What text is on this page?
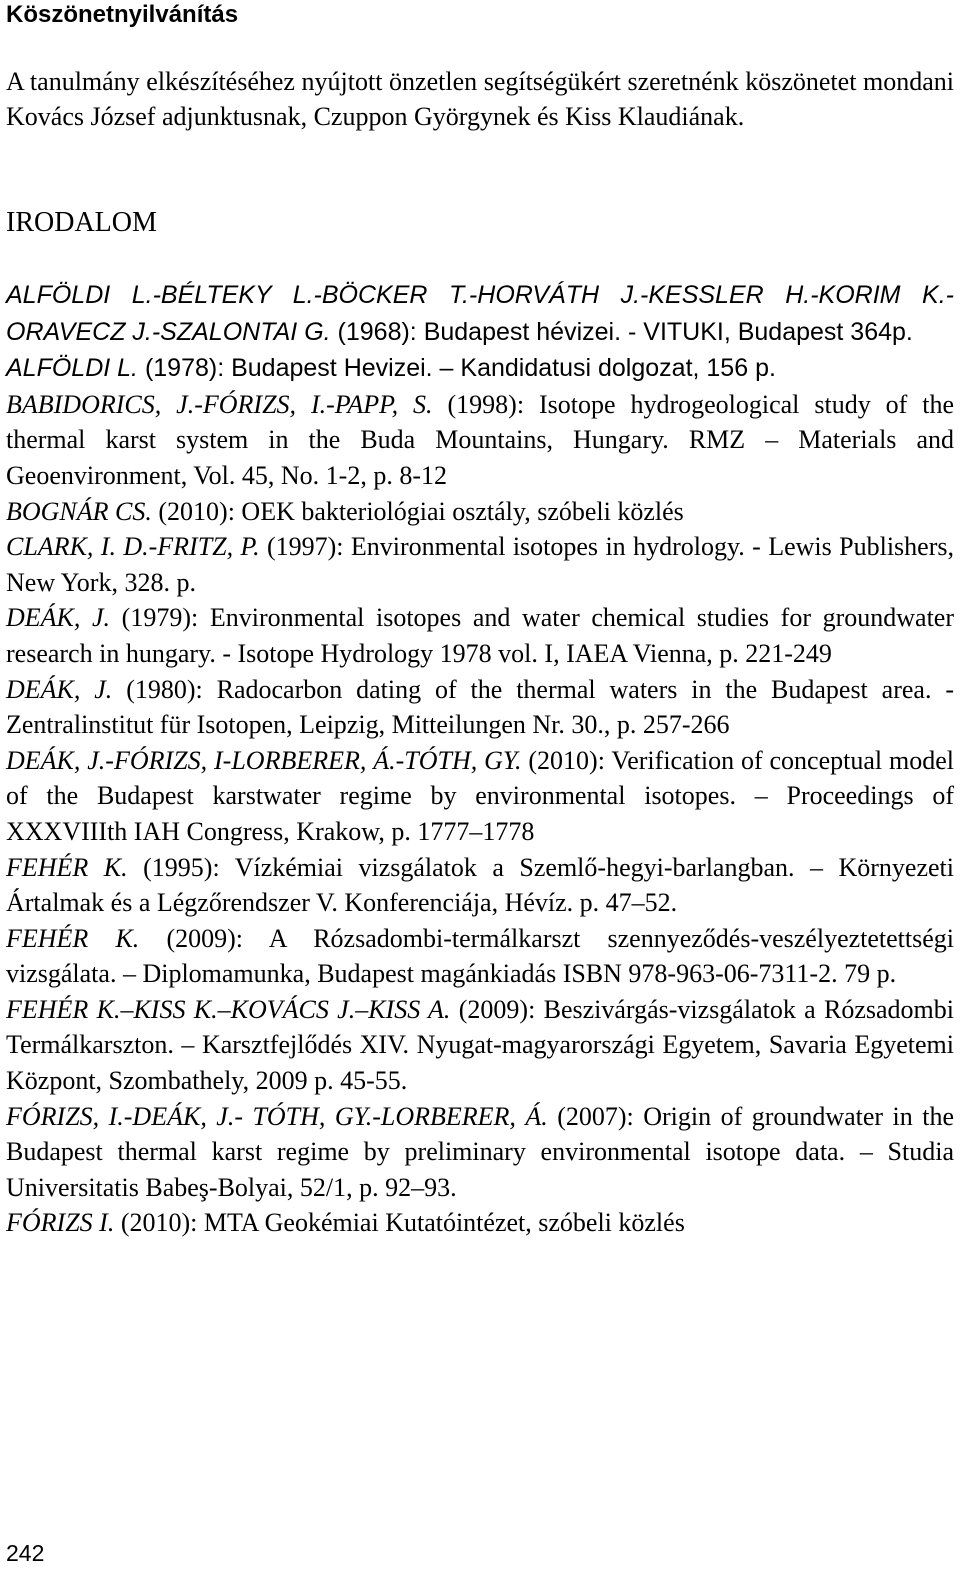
Köszönetnyilvánítás
A tanulmány elkészítéséhez nyújtott önzetlen segítségükért szeretnénk köszönetet mondani Kovács József adjunktusnak, Czuppon Györgynek és Kiss Klaudiának.
IRODALOM

ALFÖLDI L.-BÉLTEKY L.-BÖCKER T.-HORVÁTH J.-KESSLER H.-KORIM K.-ORAVECZ J.-SZALONTAI G. (1968): Budapest hévizei. - VITUKI, Budapest 364p.

ALFÖLDI L. (1978): Budapest Hevizei. – Kandidatusi dolgozat, 156 p.

BABIDORICS, J.-FÓRIZS, I.-PAPP, S. (1998): Isotope hydrogeological study of the thermal karst system in the Buda Mountains, Hungary. RMZ – Materials and Geoenvironment, Vol. 45, No. 1-2, p. 8-12

BOGNÁR CS. (2010): OEK bakteriológiai osztály, szóbeli közlés

CLARK, I. D.-FRITZ, P. (1997): Environmental isotopes in hydrology. - Lewis Publishers, New York, 328. p.

DEÁK, J. (1979): Environmental isotopes and water chemical studies for groundwater research in hungary. - Isotope Hydrology 1978 vol. I, IAEA Vienna, p. 221-249

DEÁK, J. (1980): Radocarbon dating of the thermal waters in the Budapest area. - Zentralinstitut für Isotopen, Leipzig, Mitteilungen Nr. 30., p. 257-266

DEÁK, J.-FÓRIZS, I-LORBERER, Á.-TÓTH, GY. (2010): Verification of conceptual model of the Budapest karstwater regime by environmental isotopes. – Proceedings of XXXVIIIth IAH Congress, Krakow, p. 1777–1778

FEHÉR K. (1995): Vízkémiai vizsgálatok a Szemlő-hegyi-barlangban. – Környezeti Ártalmak és a Légzőrendszer V. Konferenciája, Hévíz. p. 47–52.

FEHÉR K. (2009): A Rózsadombi-termálkarszt szennyeződés-veszélyeztetettségi vizsgálata. – Diplomamunka, Budapest magánkiadás ISBN 978-963-06-7311-2. 79 p.

FEHÉR K.–KISS K.–KOVÁCS J.–KISS A. (2009): Beszivárgás-vizsgálatok a Rózsadombi Termálkarszton. – Karsztfejlődés XIV. Nyugat-magyarországi Egyetem, Savaria Egyetemi Központ, Szombathely, 2009 p. 45-55.

FÓRIZS, I.-DEÁK, J.- TÓTH, GY.-LORBERER, Á. (2007): Origin of groundwater in the Budapest thermal karst regime by preliminary environmental isotope data. – Studia Universitatis Babeş-Bolyai, 52/1, p. 92–93.

FÓRIZS I. (2010): MTA Geokémiai Kutatóintézet, szóbeli közlés

242
